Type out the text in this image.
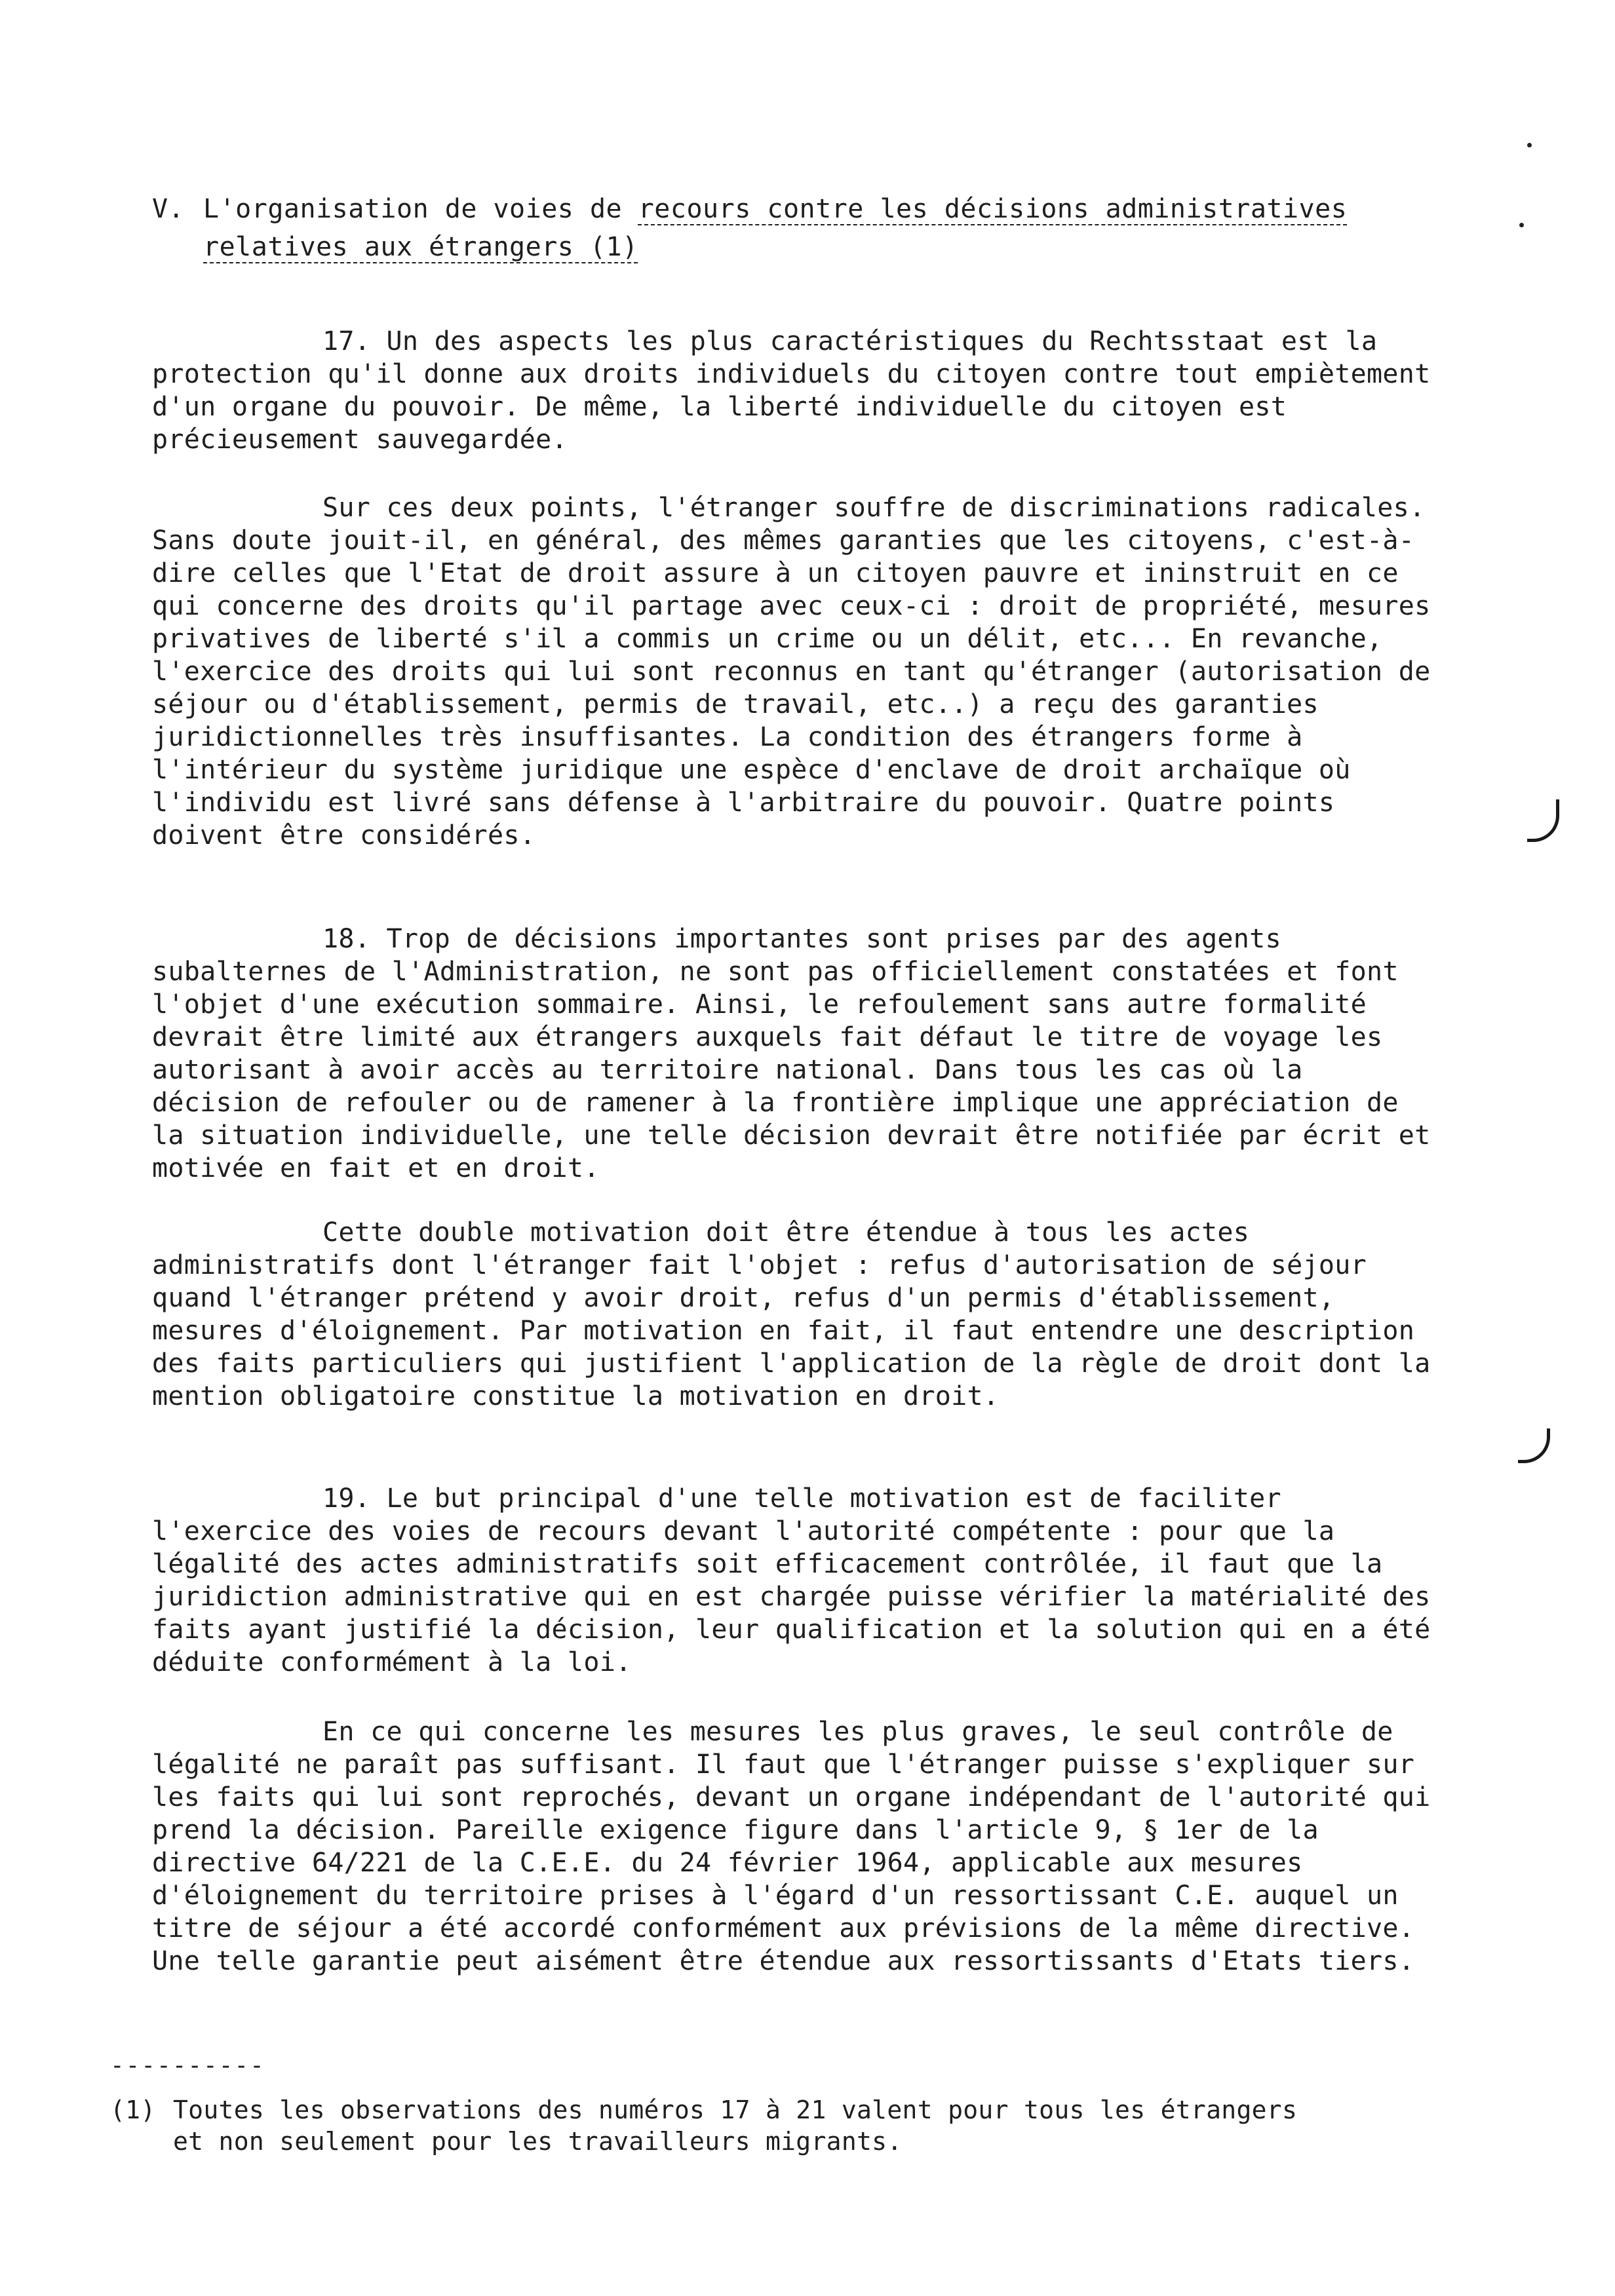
V. L'organisation de voies de recours contre les décisions administratives
relatives aux étrangers (1)

17. Un des aspects les plus caractéristiques du Rechtsstaat est la protection qu'il donne aux droits individuels du citoyen contre tout empiètement d'un organe du pouvoir. De même, la liberté individuelle du citoyen est précieusement sauvegardée.

Sur ces deux points, l'étranger souffre de discriminations radicales. Sans doute jouit-il, en général, des mêmes garanties que les citoyens, c'est-à-dire celles que l'Etat de droit assure à un citoyen pauvre et ininstruit en ce qui concerne des droits qu'il partage avec ceux-ci : droit de propriété, mesures privatives de liberté s'il a commis un crime ou un délit, etc... En revanche, l'exercice des droits qui lui sont reconnus en tant qu'étranger (autorisation de séjour ou d'établissement, permis de travail, etc..) a reçu des garanties juridictionnelles très insuffisantes. La condition des étrangers forme à l'intérieur du système juridique une espèce d'enclave de droit archaïque où l'individu est livré sans défense à l'arbitraire du pouvoir. Quatre points doivent être considérés.

18. Trop de décisions importantes sont prises par des agents subalternes de l'Administration, ne sont pas officiellement constatées et font l'objet d'une exécution sommaire. Ainsi, le refoulement sans autre formalité devrait être limité aux étrangers auxquels fait défaut le titre de voyage les autorisant à avoir accès au territoire national. Dans tous les cas où la décision de refouler ou de ramener à la frontière implique une appréciation de la situation individuelle, une telle décision devrait être notifiée par écrit et motivée en fait et en droit.

Cette double motivation doit être étendue à tous les actes administratifs dont l'étranger fait l'objet : refus d'autorisation de séjour quand l'étranger prétend y avoir droit, refus d'un permis d'établissement, mesures d'éloignement. Par motivation en fait, il faut entendre une description des faits particuliers qui justifient l'application de la règle de droit dont la mention obligatoire constitue la motivation en droit.

19. Le but principal d'une telle motivation est de faciliter l'exercice des voies de recours devant l'autorité compétente : pour que la légalité des actes administratifs soit efficacement contrôlée, il faut que la juridiction administrative qui en est chargée puisse vérifier la matérialité des faits ayant justifié la décision, leur qualification et la solution qui en a été déduite conformément à la loi.

En ce qui concerne les mesures les plus graves, le seul contrôle de légalité ne paraît pas suffisant. Il faut que l'étranger puisse s'expliquer sur les faits qui lui sont reprochés, devant un organe indépendant de l'autorité qui prend la décision. Pareille exigence figure dans l'article 9, § 1er de la directive 64/221 de la C.E.E. du 24 février 1964, applicable aux mesures d'éloignement du territoire prises à l'égard d'un ressortissant C.E. auquel un titre de séjour a été accordé conformément aux prévisions de la même directive. Une telle garantie peut aisément être étendue aux ressortissants d'Etats tiers.

----------
(1) Toutes les observations des numéros 17 à 21 valent pour tous les étrangers
et non seulement pour les travailleurs migrants.
